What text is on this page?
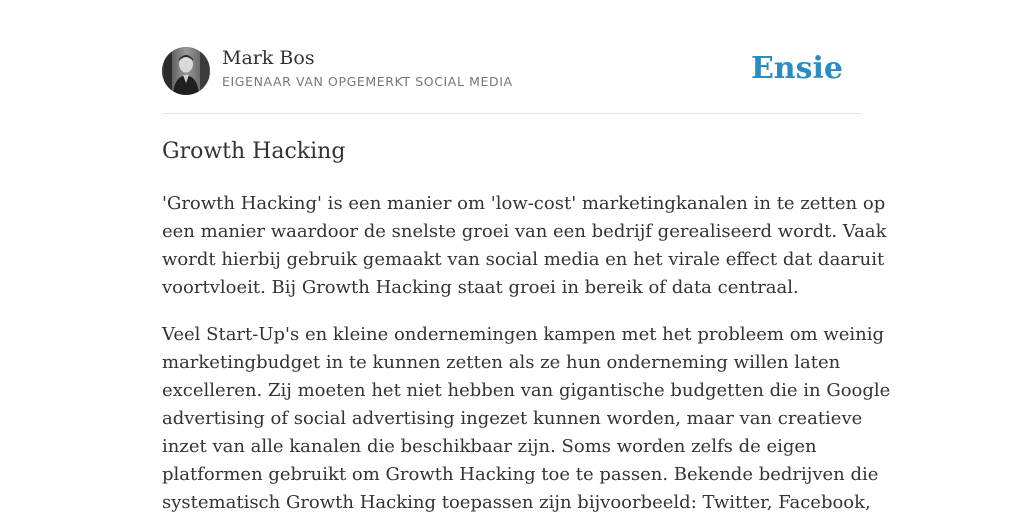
Mark Bos
EIGENAAR VAN OPGEMERKT SOCIAL MEDIA	Ensie
Growth Hacking

'Growth Hacking' is een manier om 'low-cost' marketingkanalen in te zetten op
een manier waardoor de snelste groei van een bedrijf gerealiseerd wordt. Vaak
wordt hierbij gebruik gemaakt van social media en het virale effect dat daaruit
voortvloeit. Bij Growth Hacking staat groei in bereik of data centraal.

Veel Start-Up's en kleine ondernemingen kampen met het probleem om weinig
marketingbudget in te kunnen zetten als ze hun onderneming willen laten
excelleren. Zij moeten het niet hebben van gigantische budgetten die in Google
advertising of social advertising ingezet kunnen worden, maar van creatieve
inzet van alle kanalen die beschikbaar zijn. Soms worden zelfs de eigen
platformen gebruikt om Growth Hacking toe te passen. Bekende bedrijven die
systematisch Growth Hacking toepassen zijn bijvoorbeeld: Twitter, Facebook,
